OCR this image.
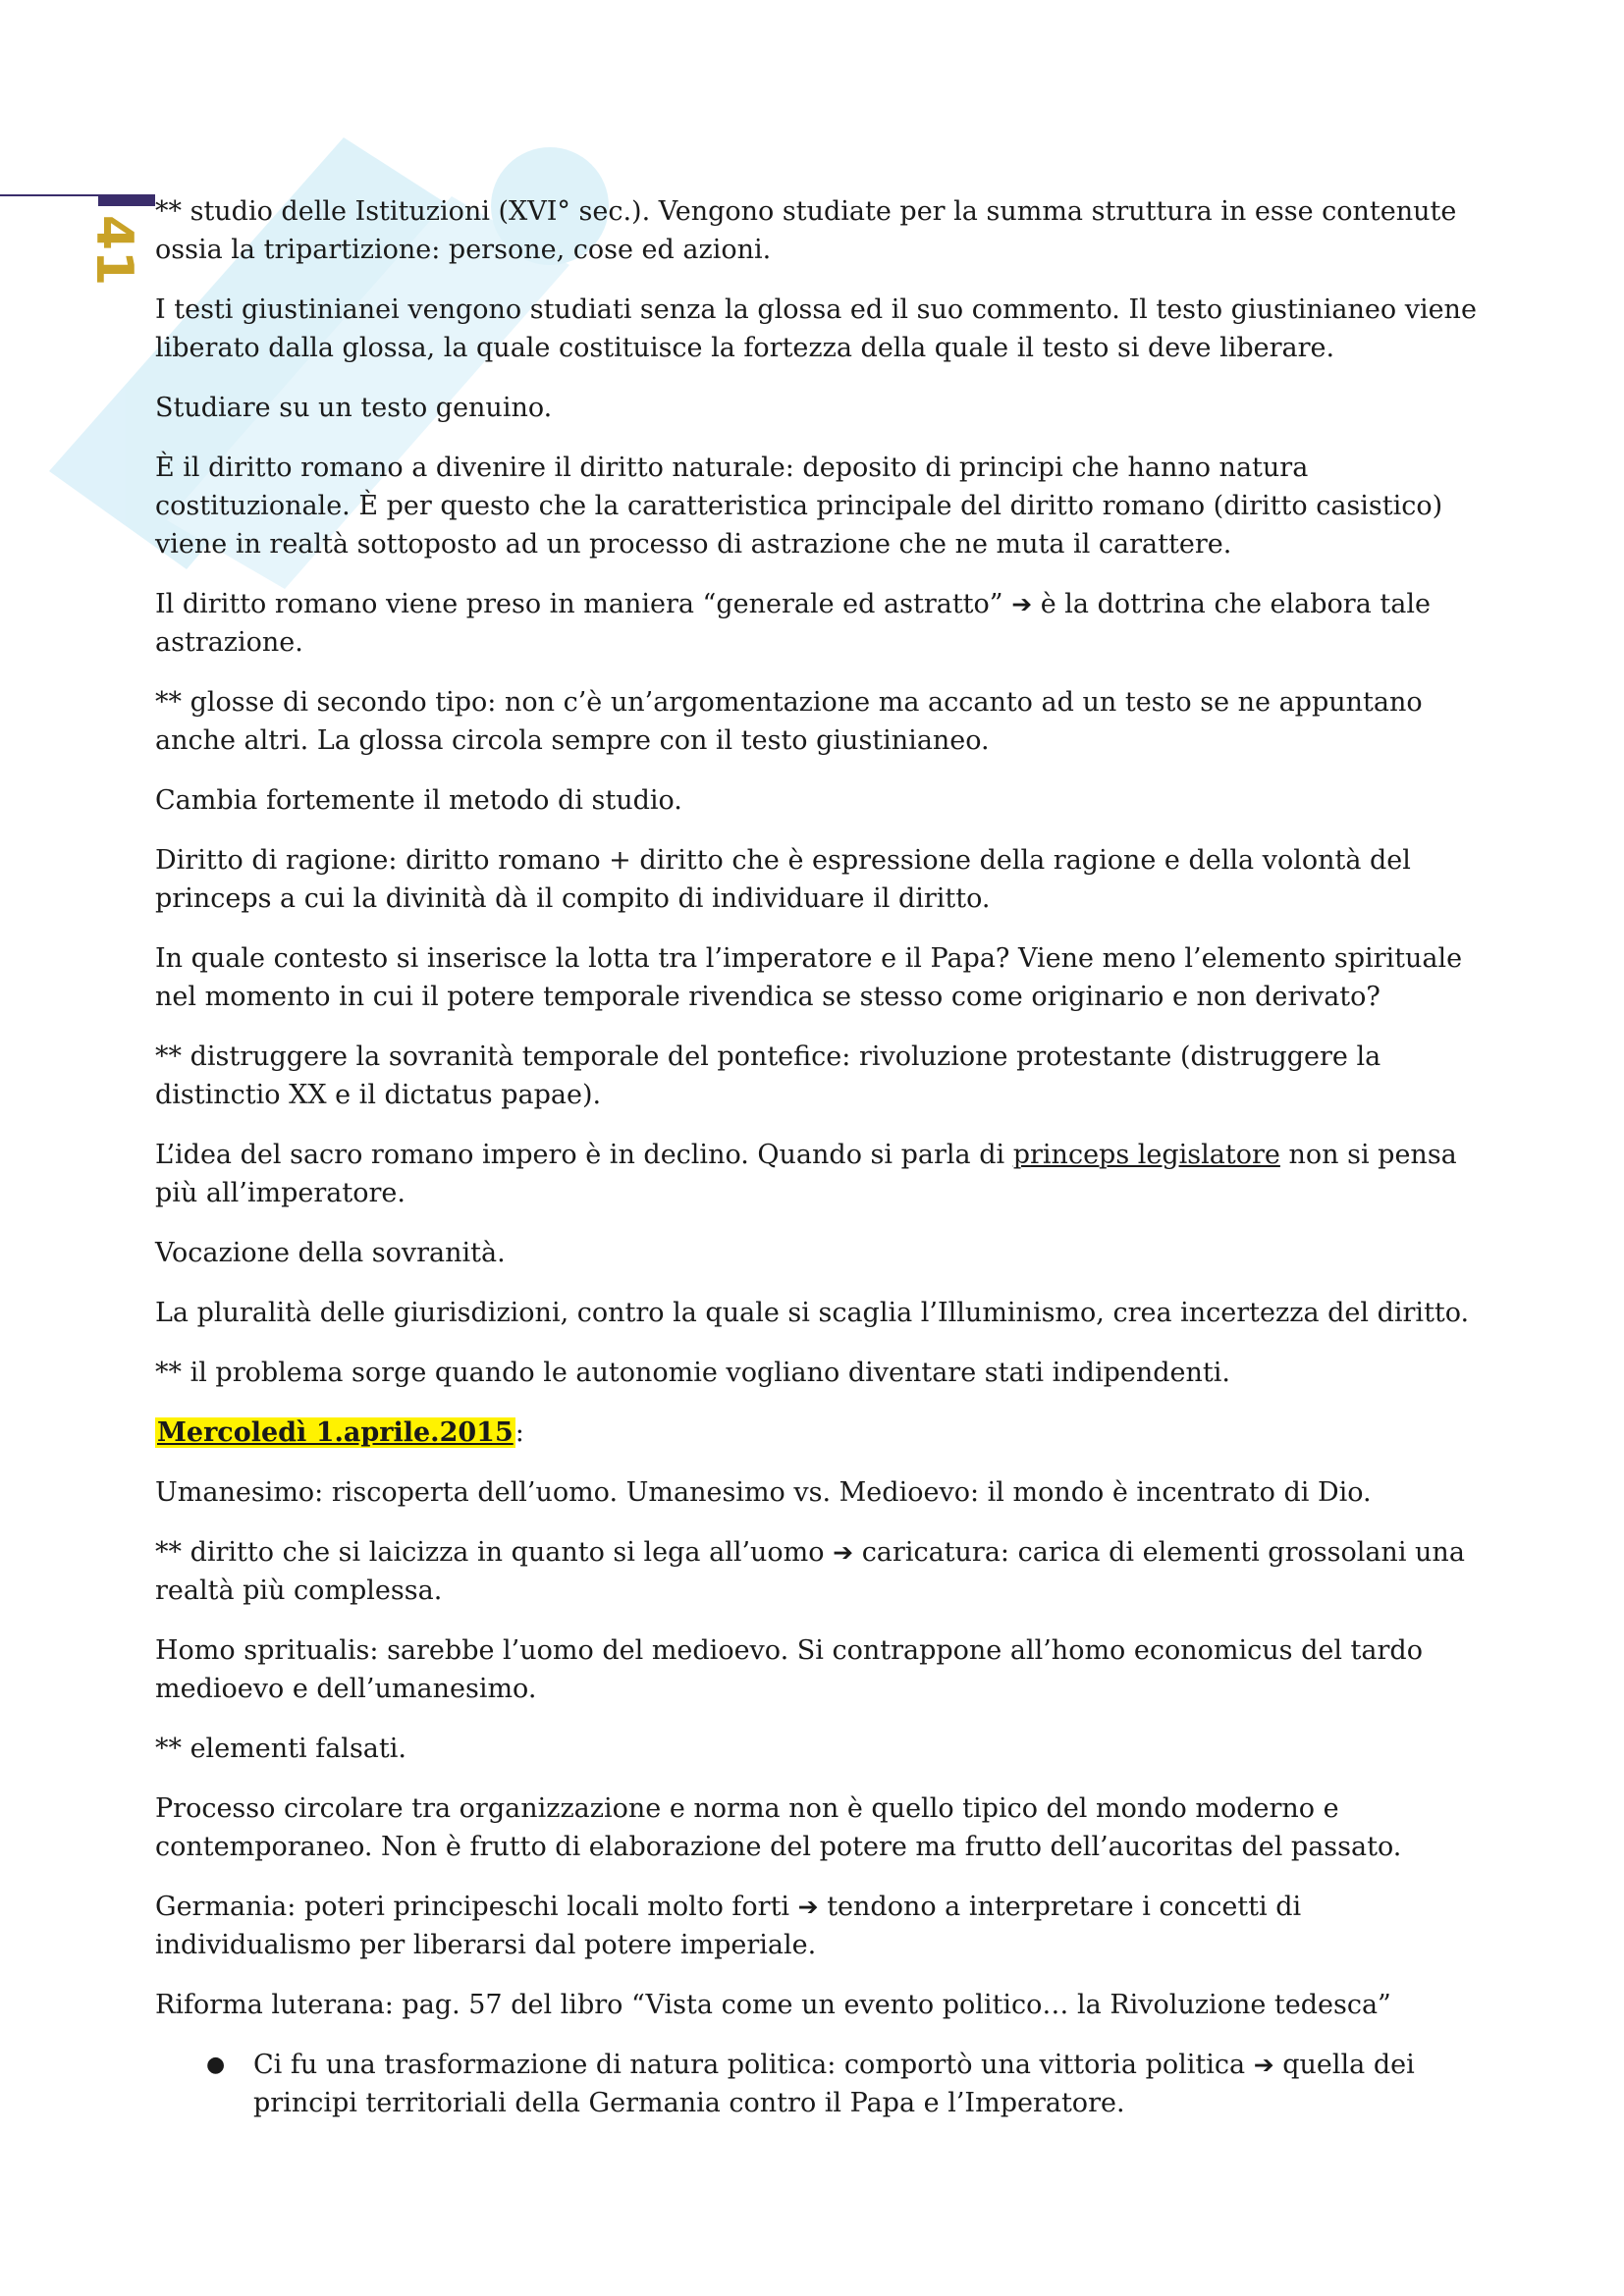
41

** studio delle Istituzioni (XVI° sec.). Vengono studiate per la summa struttura in esse contenute ossia la tripartizione: persone, cose ed azioni.

I testi giustinianei vengono studiati senza la glossa ed il suo commento. Il testo giustinianeo viene liberato dalla glossa, la quale costituisce la fortezza della quale il testo si deve liberare.

Studiare su un testo genuino.

È il diritto romano a divenire il diritto naturale: deposito di principi che hanno natura costituzionale. È per questo che la caratteristica principale del diritto romano (diritto casistico) viene in realtà sottoposto ad un processo di astrazione che ne muta il carattere.

Il diritto romano viene preso in maniera “generale ed astratto” ➔ è la dottrina che elabora tale astrazione.

** glosse di secondo tipo: non c’è un’argomentazione ma accanto ad un testo se ne appuntano anche altri. La glossa circola sempre con il testo giustinianeo.

Cambia fortemente il metodo di studio.

Diritto di ragione: diritto romano + diritto che è espressione della ragione e della volontà del princeps a cui la divinità dà il compito di individuare il diritto.

In quale contesto si inserisce la lotta tra l’imperatore e il Papa? Viene meno l’elemento spirituale nel momento in cui il potere temporale rivendica se stesso come originario e non derivato?

** distruggere la sovranità temporale del pontefice: rivoluzione protestante (distruggere la distinctio XX e il dictatus papae).

L’idea del sacro romano impero è in declino. Quando si parla di princeps legislatore non si pensa più all’imperatore.

Vocazione della sovranità.

La pluralità delle giurisdizioni, contro la quale si scaglia l’Illuminismo, crea incertezza del diritto.

** il problema sorge quando le autonomie vogliano diventare stati indipendenti.

Mercoledì 1.aprile.2015:

Umanesimo: riscoperta dell’uomo. Umanesimo vs. Medioevo: il mondo è incentrato di Dio.

** diritto che si laicizza in quanto si lega all’uomo ➔ caricatura: carica di elementi grossolani una realtà più complessa.

Homo spritualis: sarebbe l’uomo del medioevo. Si contrappone all’homo economicus del tardo medioevo e dell’umanesimo.

** elementi falsati.

Processo circolare tra organizzazione e norma non è quello tipico del mondo moderno e contemporaneo. Non è frutto di elaborazione del potere ma frutto dell’aucoritas del passato.

Germania: poteri principeschi locali molto forti ➔ tendono a interpretare i concetti di individualismo per liberarsi dal potere imperiale.

Riforma luterana: pag. 57 del libro “Vista come un evento politico… la Rivoluzione tedesca”

● Ci fu una trasformazione di natura politica: comportò una vittoria politica ➔ quella dei principi territoriali della Germania contro il Papa e l’Imperatore.
